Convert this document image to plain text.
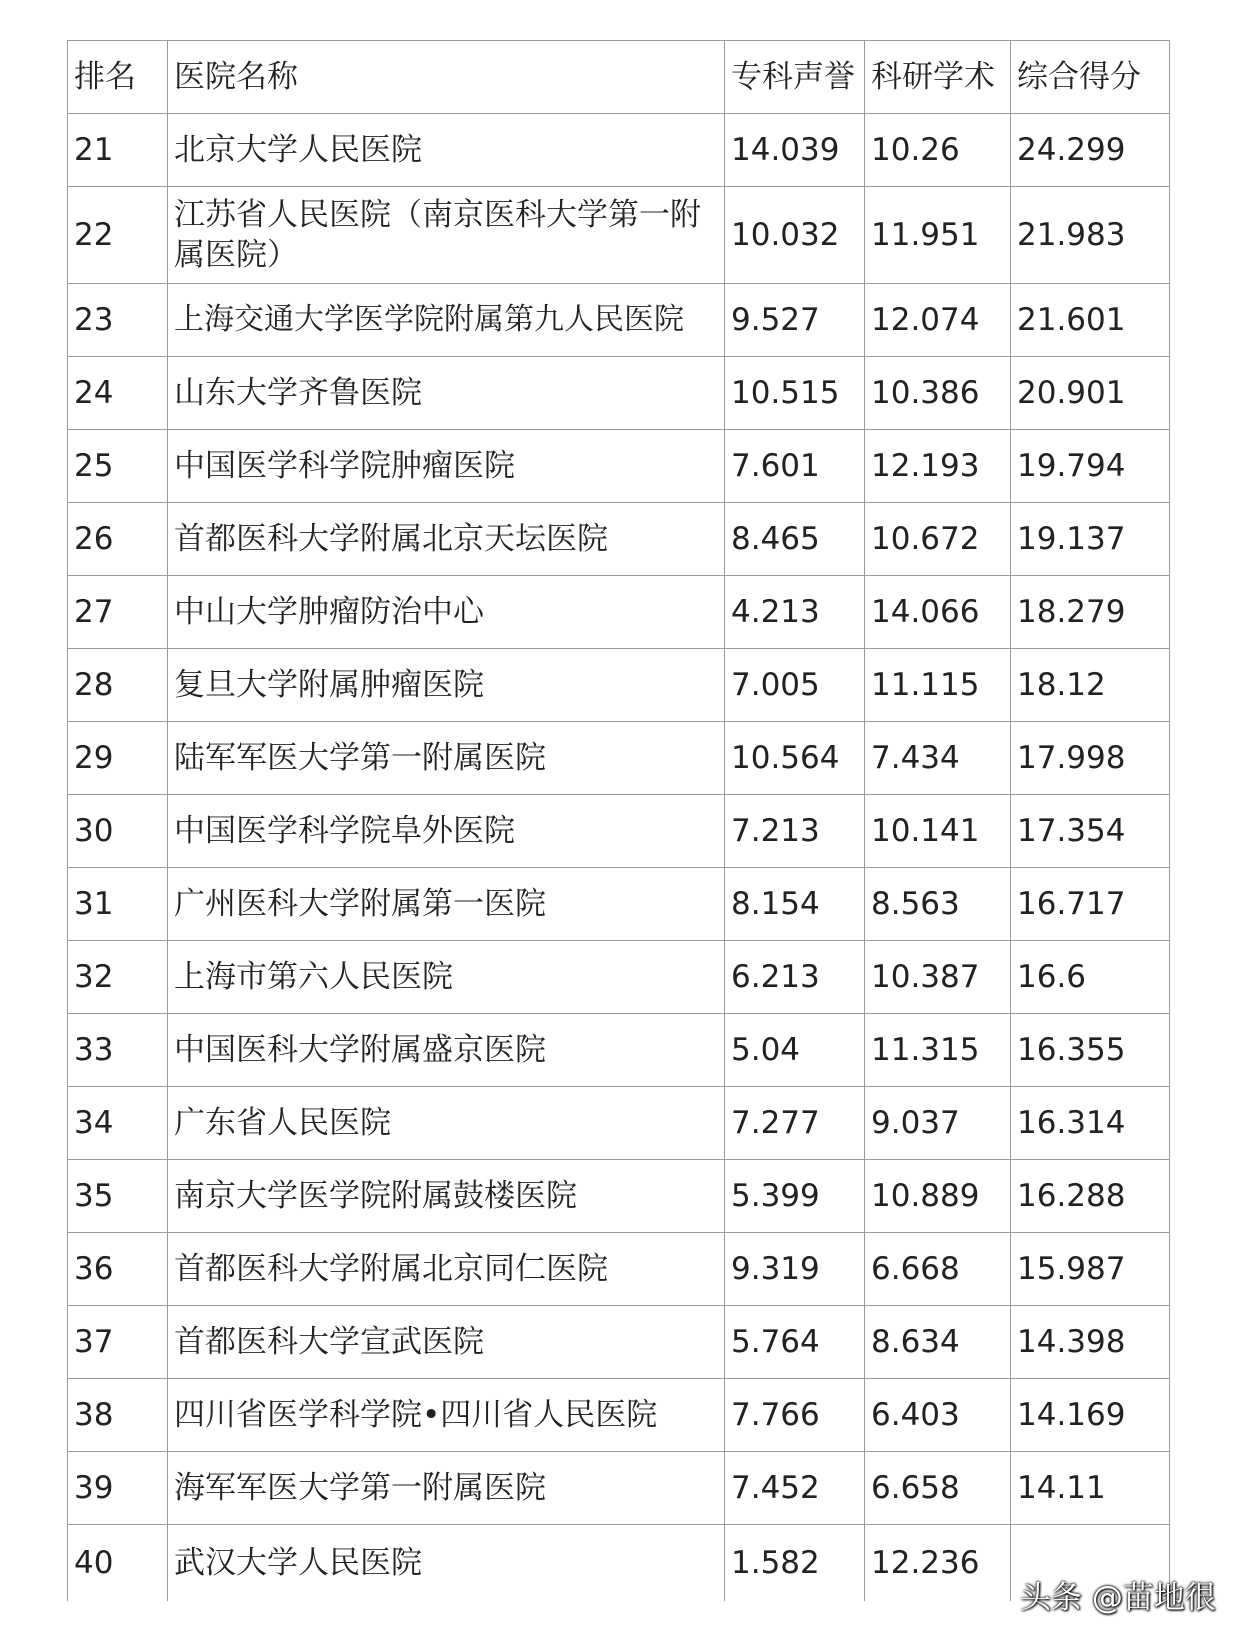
排名	医院名称	专科声誉	科研学术	综合得分
21	北京大学人民医院	14.039	10.26	24.299
22	江苏省人民医院（南京医科大学第一附属医院）	10.032	11.951	21.983
23	上海交通大学医学院附属第九人民医院	9.527	12.074	21.601
24	山东大学齐鲁医院	10.515	10.386	20.901
25	中国医学科学院肿瘤医院	7.601	12.193	19.794
26	首都医科大学附属北京天坛医院	8.465	10.672	19.137
27	中山大学肿瘤防治中心	4.213	14.066	18.279
28	复旦大学附属肿瘤医院	7.005	11.115	18.12
29	陆军军医大学第一附属医院	10.564	7.434	17.998
30	中国医学科学院阜外医院	7.213	10.141	17.354
31	广州医科大学附属第一医院	8.154	8.563	16.717
32	上海市第六人民医院	6.213	10.387	16.6
33	中国医科大学附属盛京医院	5.04	11.315	16.355
34	广东省人民医院	7.277	9.037	16.314
35	南京大学医学院附属鼓楼医院	5.399	10.889	16.288
36	首都医科大学附属北京同仁医院	9.319	6.668	15.987
37	首都医科大学宣武医院	5.764	8.634	14.398
38	四川省医学科学院•四川省人民医院	7.766	6.403	14.169
39	海军军医大学第一附属医院	7.452	6.658	14.11
40	武汉大学人民医院	1.582	12.236	
头条 @苗地很
